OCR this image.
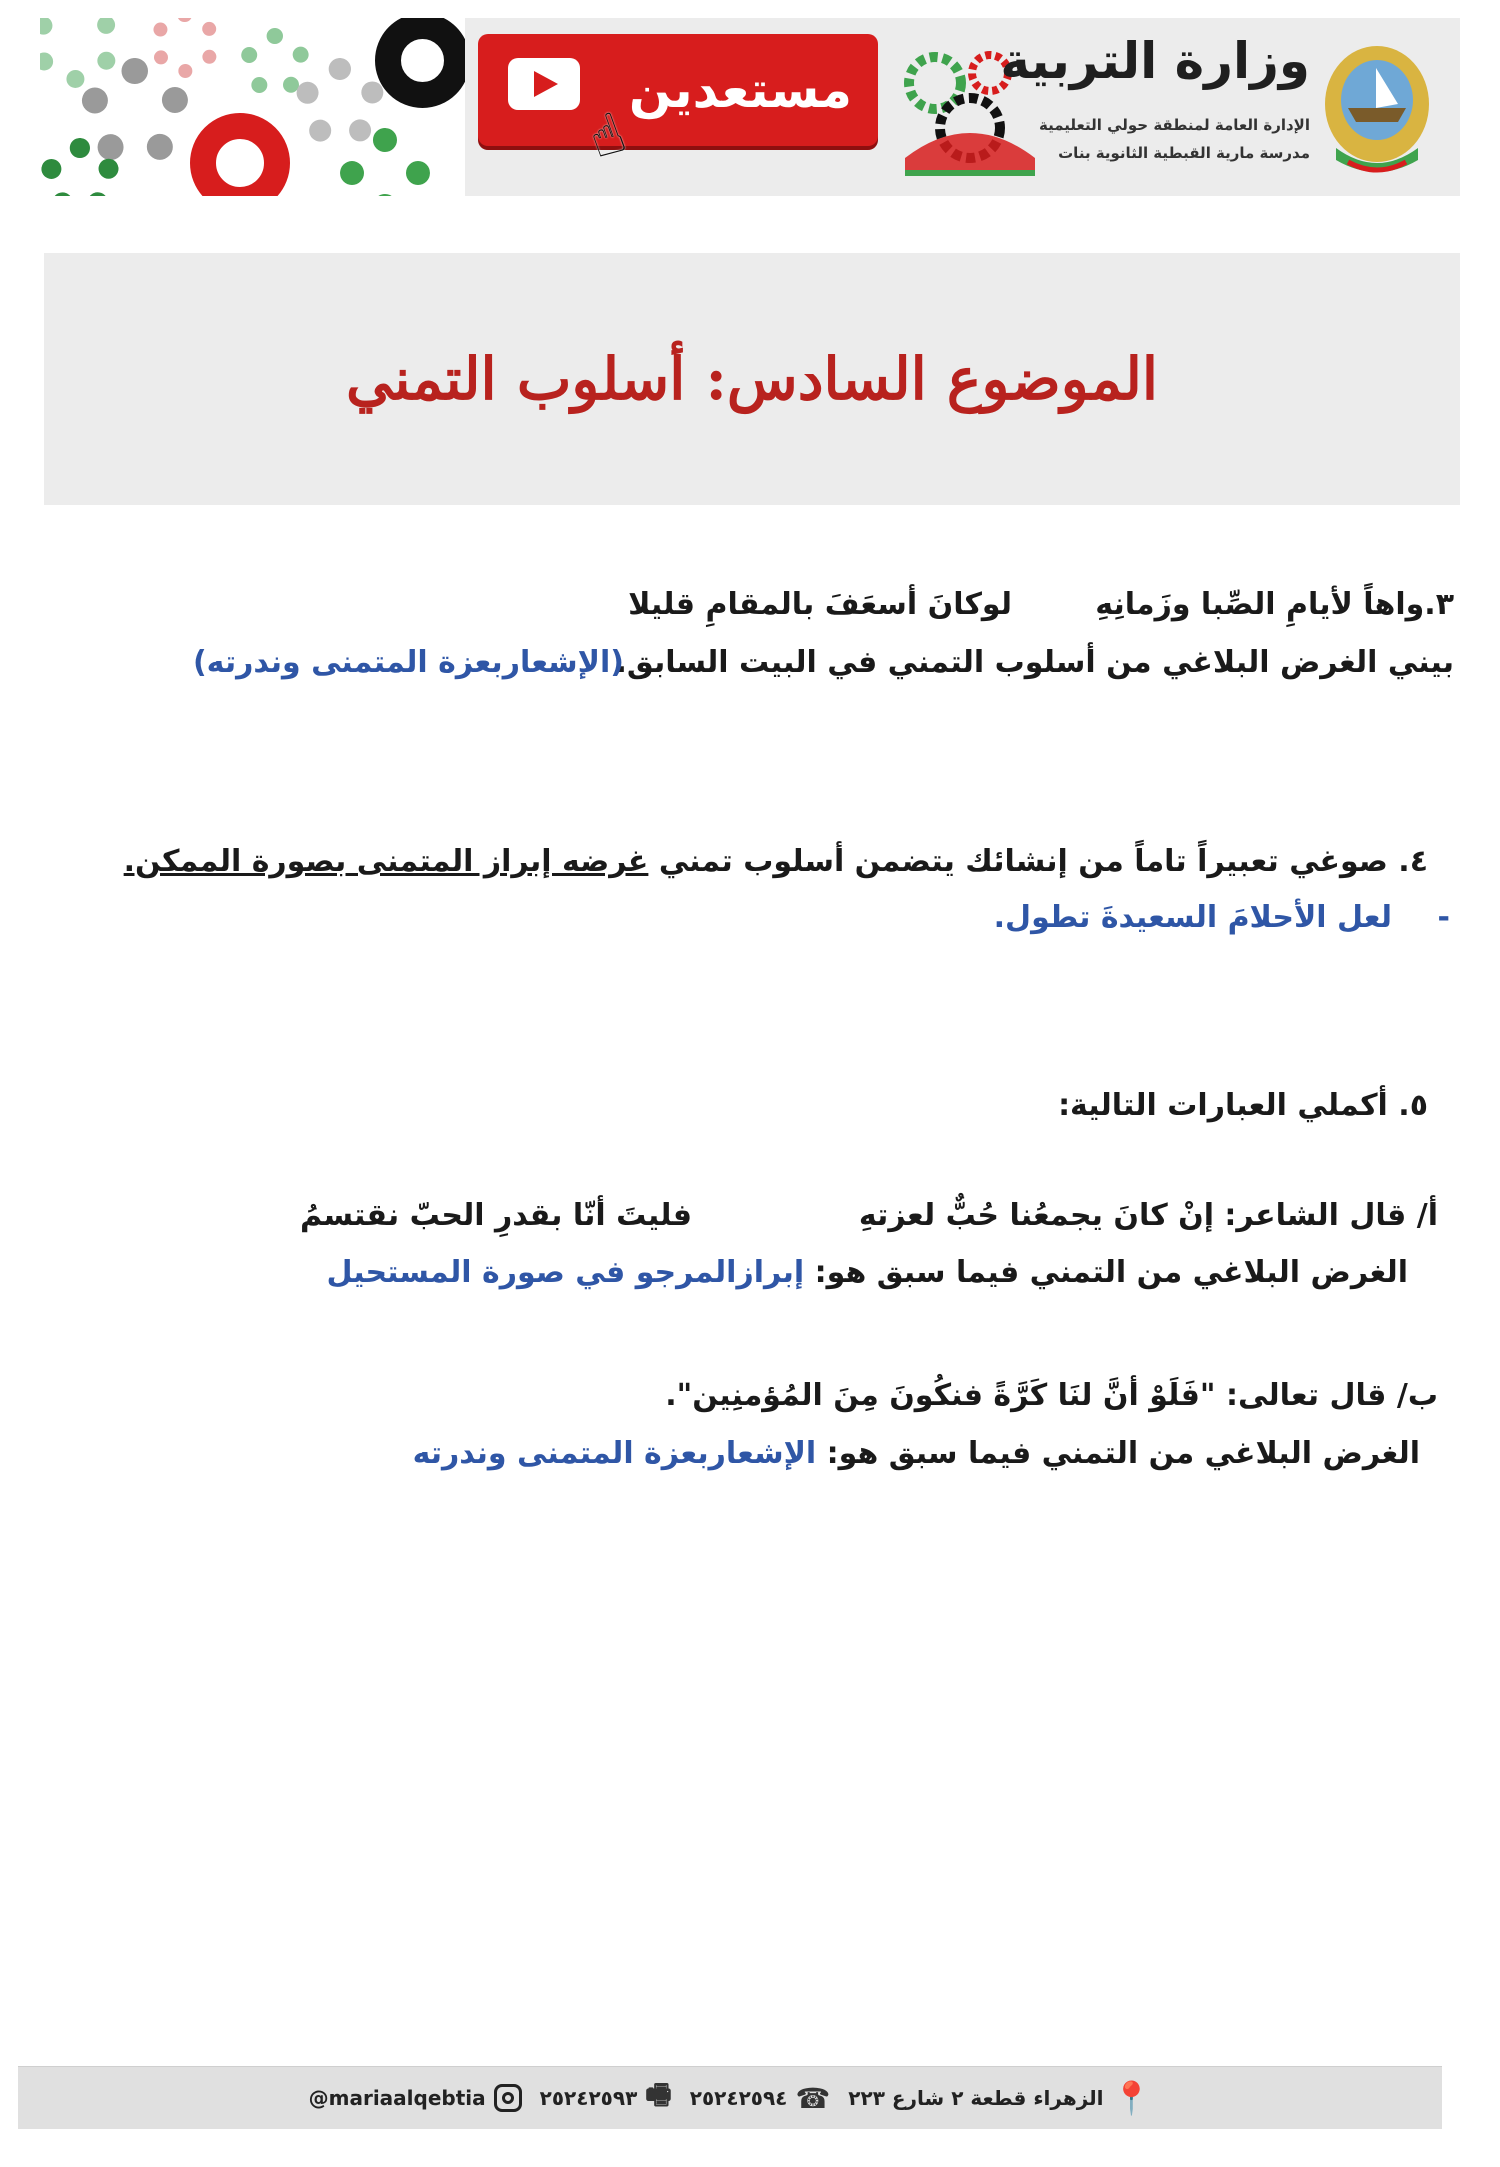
☝
مستعدين	وزارة التربية
الإدارة العامة لمنطقة حولي التعليمية
مدرسة مارية القبطية الثانوية بنات
الموضوع السادس: أسلوب التمني
٣.واهاً لأيامِ الصِّبا وزَمانِهِ
لوكانَ أسعَفَ بالمقامِ قليلا
بيني الغرض البلاغي من أسلوب التمني في البيت السابق.
(الإشعاربعزة المتمنى وندرته)
٤. صوغي تعبيراً تاماً من إنشائك يتضمن أسلوب تمني غرضه إبراز المتمنى بصورة الممكن.
-
لعل الأحلامَ السعيدةَ تطول.
٥. أكملي العبارات التالية:
أ/ قال الشاعر: إنْ كانَ يجمعُنا حُبٌّ لعزتهِ
فليتَ أنّا بقدرِ الحبّ نقتسمُ
الغرض البلاغي من التمني فيما سبق هو: إبرازالمرجو في صورة المستحيل
ب/ قال تعالى: "فَلَوْ أنَّ لنَا كَرَّةً فنكُونَ مِنَ المُؤمنِين".
الغرض البلاغي من التمني فيما سبق هو: الإشعاربعزة المتمنى وندرته
📍
الزهراء قطعة ٢ شارع ٢٢٣
☎
٢٥٢٤٢٥٩٤
🖷
٢٥٢٤٢٥٩٣
@mariaalqebtia
